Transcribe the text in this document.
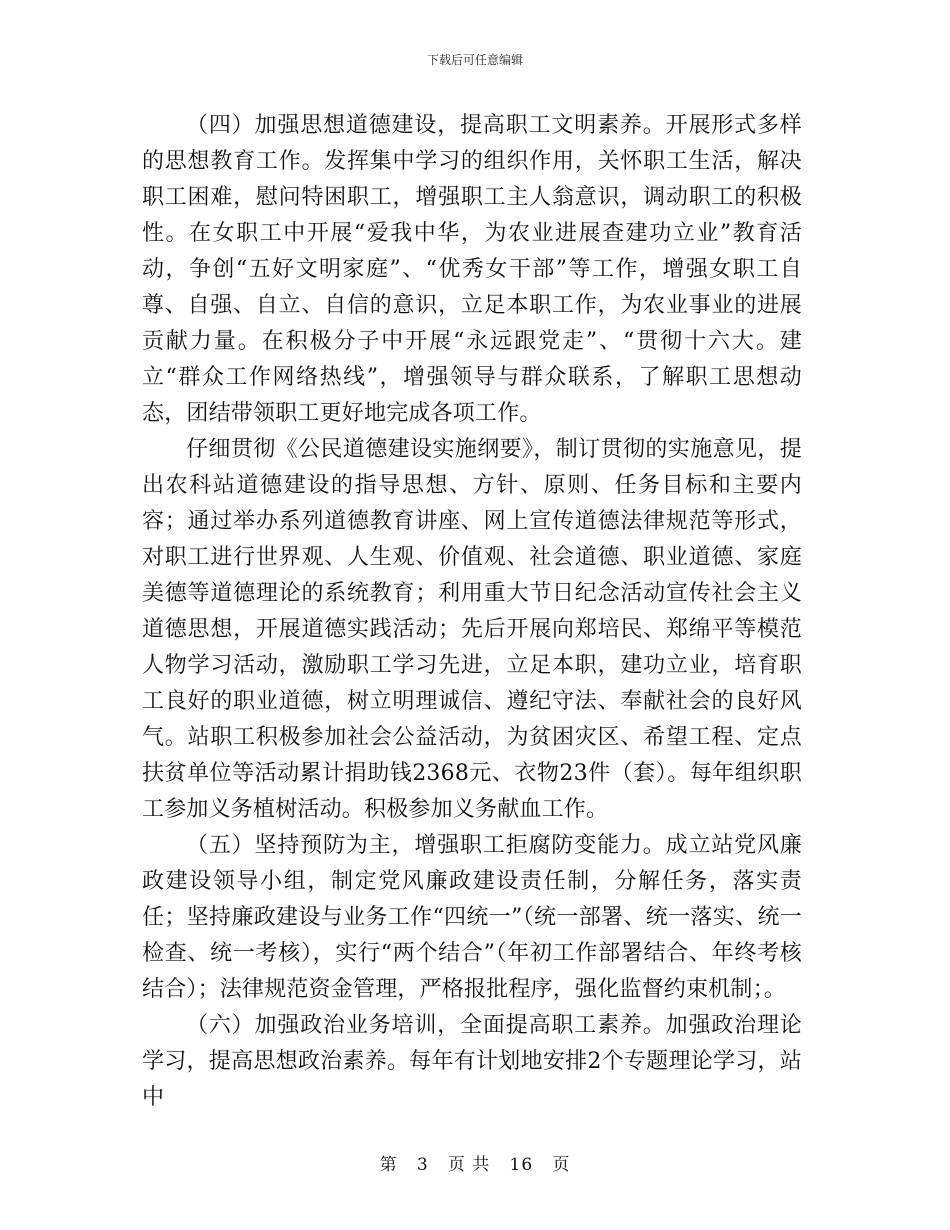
下载后可任意编辑

（四）加强思想道德建设，提高职工文明素养。开展形式多样的思想教育工作。发挥集中学习的组织作用，关怀职工生活，解决职工困难，慰问特困职工，增强职工主人翁意识，调动职工的积极性。在女职工中开展“爱我中华，为农业进展查建功立业”教育活动，争创“五好文明家庭”、“优秀女干部”等工作，增强女职工自尊、自强、自立、自信的意识，立足本职工作，为农业事业的进展贡献力量。在积极分子中开展“永远跟党走”、“贯彻十六大。建立“群众工作网络热线”，增强领导与群众联系，了解职工思想动态，团结带领职工更好地完成各项工作。

仔细贯彻《公民道德建设实施纲要》，制订贯彻的实施意见，提出农科站道德建设的指导思想、方针、原则、任务目标和主要内容；通过举办系列道德教育讲座、网上宣传道德法律规范等形式，对职工进行世界观、人生观、价值观、社会道德、职业道德、家庭美德等道德理论的系统教育；利用重大节日纪念活动宣传社会主义道德思想，开展道德实践活动；先后开展向郑培民、郑绵平等模范人物学习活动，激励职工学习先进，立足本职，建功立业，培育职工良好的职业道德，树立明理诚信、遵纪守法、奉献社会的良好风气。站职工积极参加社会公益活动，为贫困灾区、希望工程、定点扶贫单位等活动累计捐助钱2368元、衣物23件（套）。每年组织职工参加义务植树活动。积极参加义务献血工作。

（五）坚持预防为主，增强职工拒腐防变能力。成立站党风廉政建设领导小组，制定党风廉政建设责任制，分解任务，落实责任；坚持廉政建设与业务工作“四统一”（统一部署、统一落实、统一检查、统一考核），实行“两个结合”（年初工作部署结合、年终考核结合）；法律规范资金管理，严格报批程序，强化监督约束机制；。

（六）加强政治业务培训，全面提高职工素养。加强政治理论学习，提高思想政治素养。每年有计划地安排2个专题理论学习，站中

第 3 页 共 16 页
